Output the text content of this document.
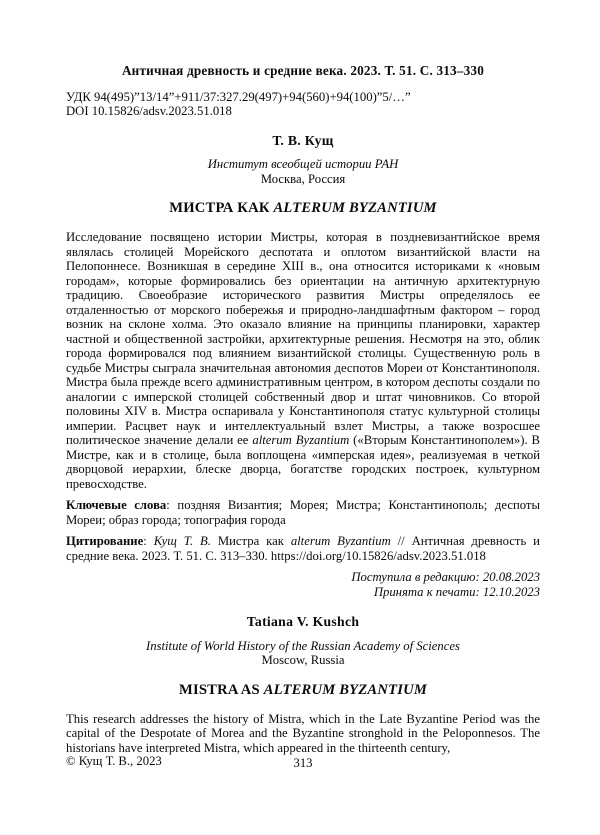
Античная древность и средние века. 2023. Т. 51. С. 313–330
УДК 94(495)”13/14”+911/37:327.29(497)+94(560)+94(100)”5/…”
DOI 10.15826/adsv.2023.51.018
Т. В. Кущ
Институт всеобщей истории РАН
Москва, Россия
МИСТРА КАК ALTERUM BYZANTIUM

Исследование посвящено истории Мистры, которая в поздневизантийское время являлась столицей Морейского деспотата и оплотом византийской власти на Пелопоннесе. Возникшая в середине XIII в., она относится историками к «новым городам», которые формировались без ориентации на античную архитектурную традицию. Своеобразие исторического развития Мистры определялось ее отдаленностью от морского побережья и природно-ландшафтным фактором – город возник на склоне холма. Это оказало влияние на принципы планировки, характер частной и общественной застройки, архитектурные решения. Несмотря на это, облик города формировался под влиянием византийской столицы. Существенную роль в судьбе Мистры сыграла значительная автономия деспотов Мореи от Константинополя. Мистра была прежде всего административным центром, в котором деспоты создали по аналогии с имперской столицей собственный двор и штат чиновников. Со второй половины XIV в. Мистра оспаривала у Константинополя статус культурной столицы империи. Расцвет наук и интеллектуальный взлет Мистры, а также возросшее политическое значение делали ее alterum Byzantium («Вторым Константинополем»). В Мистре, как и в столице, была воплощена «имперская идея», реализуемая в четкой дворцовой иерархии, блеске дворца, богатстве городских построек, культурном превосходстве.

Ключевые слова: поздняя Византия; Морея; Мистра; Константинополь; деспоты Мореи; образ города; топография города

Цитирование: Кущ Т. В. Мистра как alterum Byzantium // Античная древность и средние века. 2023. Т. 51. С. 313–330. https://doi.org/10.15826/adsv.2023.51.018

Поступила в редакцию: 20.08.2023
Принята к печати: 12.10.2023
Tatiana V. Kushch
Institute of World History of the Russian Academy of Sciences
Moscow, Russia
MISTRA AS ALTERUM BYZANTIUM

This research addresses the history of Mistra, which in the Late Byzantine Period was the capital of the Despotate of Morea and the Byzantine stronghold in the Peloponnesos. The historians have interpreted Mistra, which appeared in the thirteenth century,

© Кущ Т. В., 2023	313
